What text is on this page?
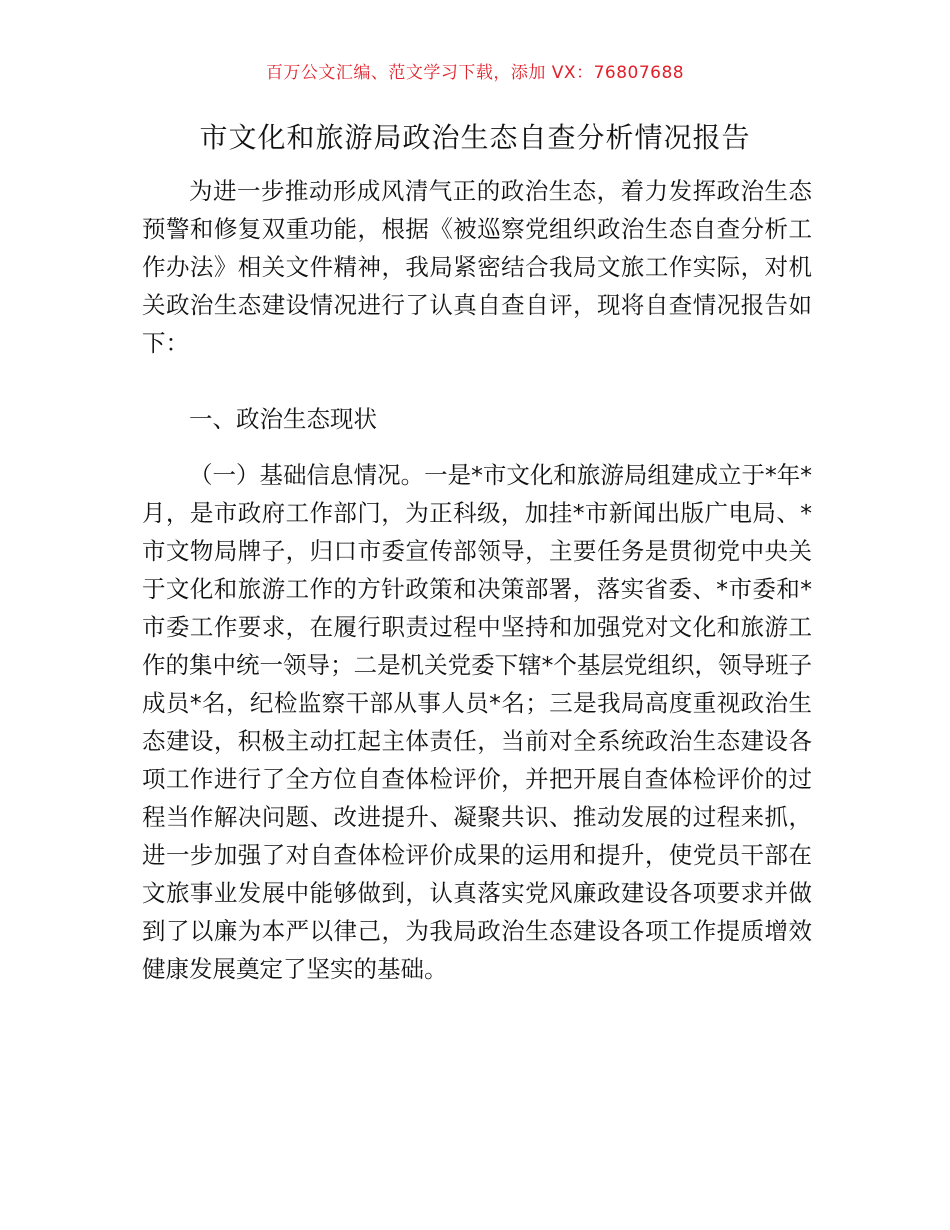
百万公文汇编、范文学习下载，添加 VX：76807688
市文化和旅游局政治生态自查分析情况报告
为进一步推动形成风清气正的政治生态，着力发挥政治生态预警和修复双重功能，根据《被巡察党组织政治生态自查分析工作办法》相关文件精神，我局紧密结合我局文旅工作实际，对机关政治生态建设情况进行了认真自查自评，现将自查情况报告如下：
一、政治生态现状
（一）基础信息情况。一是*市文化和旅游局组建成立于*年*月，是市政府工作部门，为正科级，加挂*市新闻出版广电局、*市文物局牌子，归口市委宣传部领导，主要任务是贯彻党中央关于文化和旅游工作的方针政策和决策部署，落实省委、*市委和*市委工作要求，在履行职责过程中坚持和加强党对文化和旅游工作的集中统一领导；二是机关党委下辖*个基层党组织，领导班子成员*名，纪检监察干部从事人员*名；三是我局高度重视政治生态建设，积极主动扛起主体责任，当前对全系统政治生态建设各项工作进行了全方位自查体检评价，并把开展自查体检评价的过程当作解决问题、改进提升、凝聚共识、推动发展的过程来抓，进一步加强了对自查体检评价成果的运用和提升，使党员干部在文旅事业发展中能够做到，认真落实党风廉政建设各项要求并做到了以廉为本严以律己，为我局政治生态建设各项工作提质增效健康发展奠定了坚实的基础。
